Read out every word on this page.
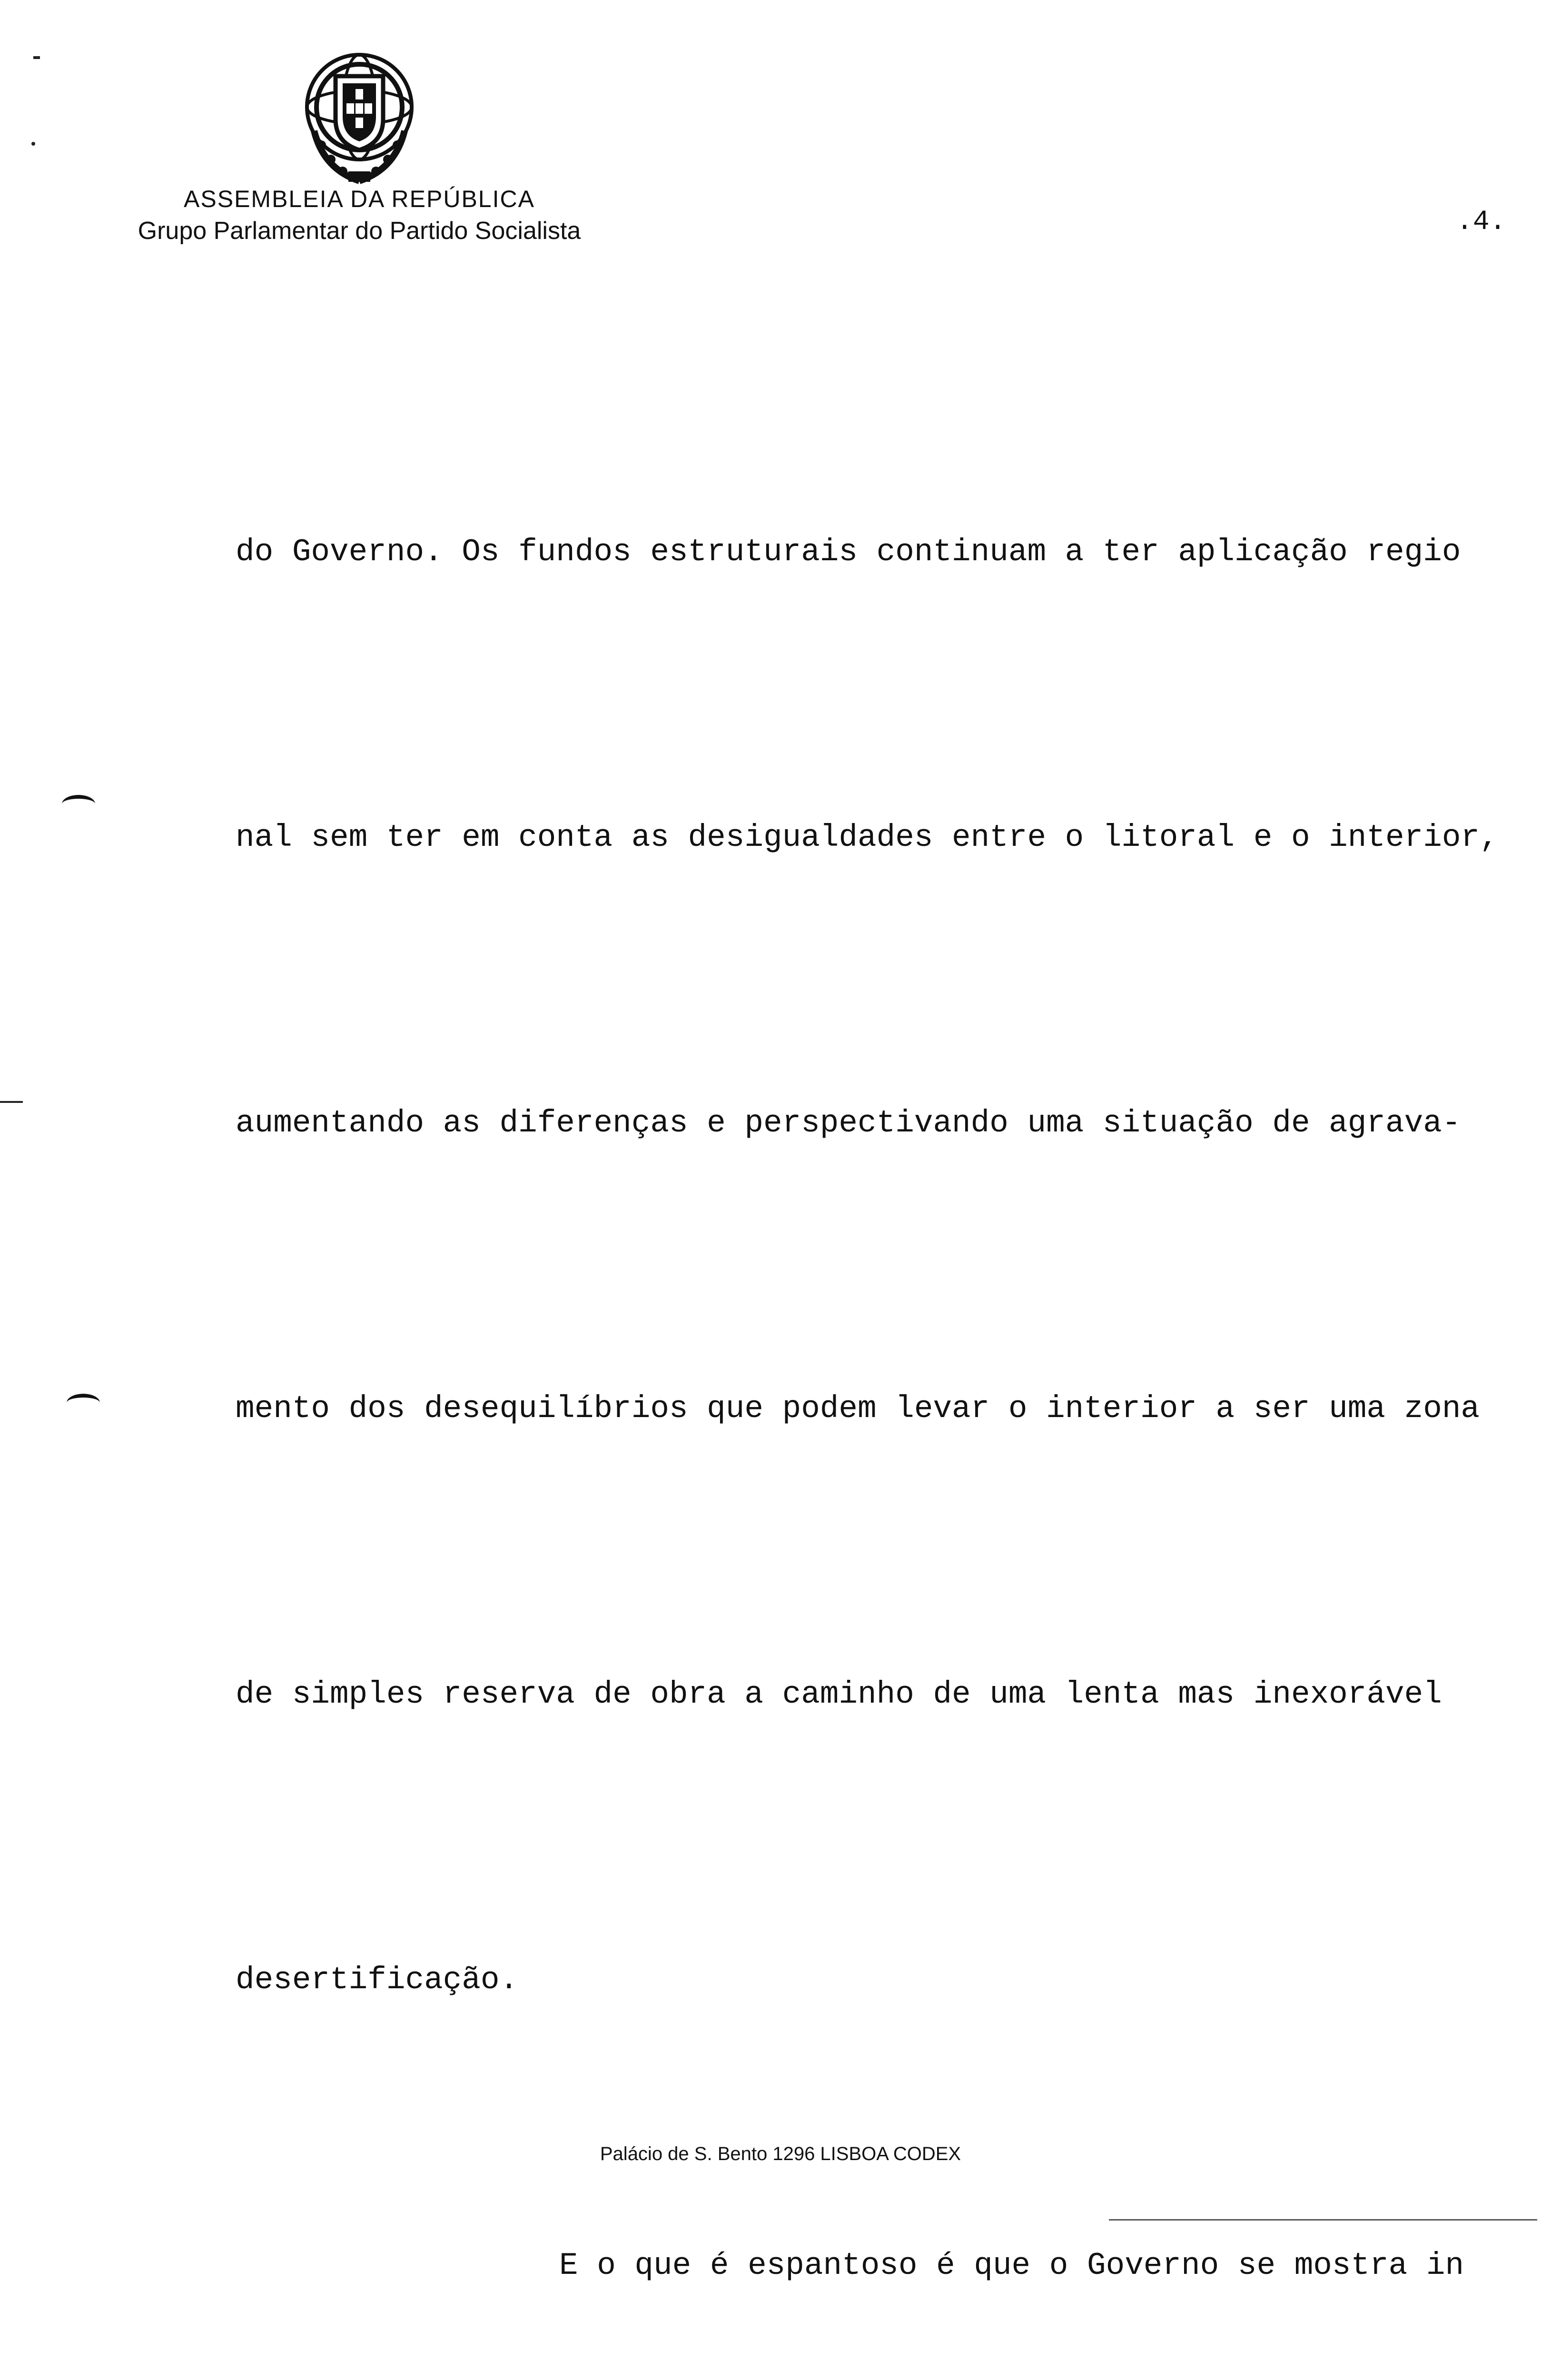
ASSEMBLEIA DA REPÚBLICA
Grupo Parlamentar do Partido Socialista	.4.

do Governo. Os fundos estruturais continuam a ter aplicação regio

nal sem ter em conta as desigualdades entre o litoral e o interior,

aumentando as diferenças e perspectivando uma situação de agrava-

mento dos desequilíbrios que podem levar o interior a ser uma zona

de simples reserva de obra a caminho de uma lenta mas inexorável

desertificação.

E o que é espantoso é que o Governo se mostra in

Palácio de S. Bento 1296 LISBOA CODEX
